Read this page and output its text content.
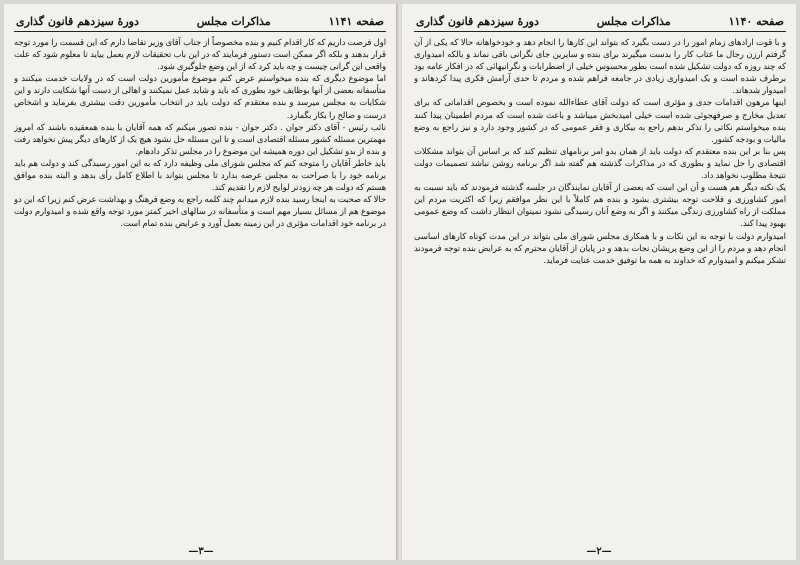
صفحه ۱۱۴۱
مذاکرات مجلس
دورهٔ سیزدهم قانون گذاری

اول فرصت داریم که کار اقدام کنیم و بنده مخصوصاً از جناب آقای وزیر تقاضا دارم که این قسمت را مورد توجه قرار بدهند و بلکه اگر ممکن است دستور فرمایند که در این باب تحقیقات لازم بعمل بیاید تا معلوم شود که علت واقعی این گرانی چیست و چه باید کرد که از این وضع جلوگیری شود.

اما موضوع دیگری که بنده میخواستم عرض کنم موضوع مأمورین دولت است که در ولایات خدمت میکنند و متأسفانه بعضی از آنها بوظایف خود بطوری که باید و شاید عمل نمیکنند و اهالی از دست آنها شکایت دارند و این شکایات به مجلس میرسد و بنده معتقدم که دولت باید در انتخاب مأمورین دقت بیشتری بفرماید و اشخاص درست و صالح را بکار بگمارد.

نائب رئیس - آقای دکتر جوان . دکتر جوان - بنده تصور میکنم که همه آقایان با بنده همعقیده باشند که امروز مهمترین مسئله کشور مسئله اقتصادی است و تا این مسئله حل نشود هیچ یک از کارهای دیگر پیش نخواهد رفت و بنده از بدو تشکیل این دوره همیشه این موضوع را در مجلس تذکر دادهام.

باید خاطر آقایان را متوجه کنم که مجلس شورای ملی وظیفه دارد که به این امور رسیدگی کند و دولت هم باید برنامه خود را با صراحت به مجلس عرضه بدارد تا مجلس بتواند با اطلاع کامل رأی بدهد و البته بنده موافق هستم که دولت هر چه زودتر لوایح لازم را تقدیم کند.

حالا که صحبت به اینجا رسید بنده لازم میدانم چند کلمه راجع به وضع فرهنگ و بهداشت عرض کنم زیرا که این دو موضوع هم از مسائل بسیار مهم است و متأسفانه در سالهای اخیر کمتر مورد توجه واقع شده و امیدوارم دولت در برنامه خود اقدامات مؤثری در این زمینه بعمل آورد و عرایض بنده تمام است.

—۳—
صفحه ۱۱۴۰
مذاکرات مجلس
دورهٔ سیزدهم قانون گذاری

و با قوت ارادهای زمام امور را در دست بگیرد که بتواند این کارها را انجام دهد و خودخواهانه حالا که یکی از آن گرفتم ارزن رجال ما عتاب کار را بدست میگیرند برای بنده و سایرین جای نگرانی باقی نماند و بالکه امیدواری که چند روزه که دولت تشکیل شده است بطور محسوس خیلی از اضطرابات و نگرانیهائی که در افکار عامه بود برطرف شده است و یک امیدواری زیادی در جامعه فراهم شده و مردم تا حدی آرامش فکری پیدا کردهاند و امیدوار شدهاند.

اینها مرهون اقدامات جدی و مؤثری است که دولت آقای عطاءالله نموده است و بخصوص اقداماتی که برای تعدیل مخارج و صرفهجوئی شده است خیلی امیدبخش میباشد و باعث شده است که مردم اطمینان پیدا کنند بنده میخواستم نکاتی را تذکر بدهم راجع به بیکاری و فقر عمومی که در کشور وجود دارد و نیز راجع به وضع مالیات و بودجه کشور.

پس بنا بر این بنده معتقدم که دولت باید از همان بدو امر برنامهای تنظیم کند که بر اساس آن بتواند مشکلات اقتصادی را حل نماید و بطوری که در مذاکرات گذشته هم گفته شد اگر برنامه روشن نباشد تصمیمات دولت نتیجهٔ مطلوب نخواهد داد.

یک نکته دیگر هم هست و آن این است که بعضی از آقایان نمایندگان در جلسه گذشته فرمودند که باید نسبت به امور کشاورزی و فلاحت توجه بیشتری بشود و بنده هم کاملاً با این نظر موافقم زیرا که اکثریت مردم این مملکت از راه کشاورزی زندگی میکنند و اگر به وضع آنان رسیدگی نشود نمیتوان انتظار داشت که وضع عمومی بهبود پیدا کند.

امیدوارم دولت با توجه به این نکات و با همکاری مجلس شورای ملی بتواند در این مدت کوتاه کارهای اساسی انجام دهد و مردم را از این وضع پریشان نجات بدهد و در پایان از آقایان محترم که به عرایض بنده توجه فرمودند تشکر میکنم و امیدوارم که خداوند به همه ما توفیق خدمت عنایت فرماید.

—۲—
